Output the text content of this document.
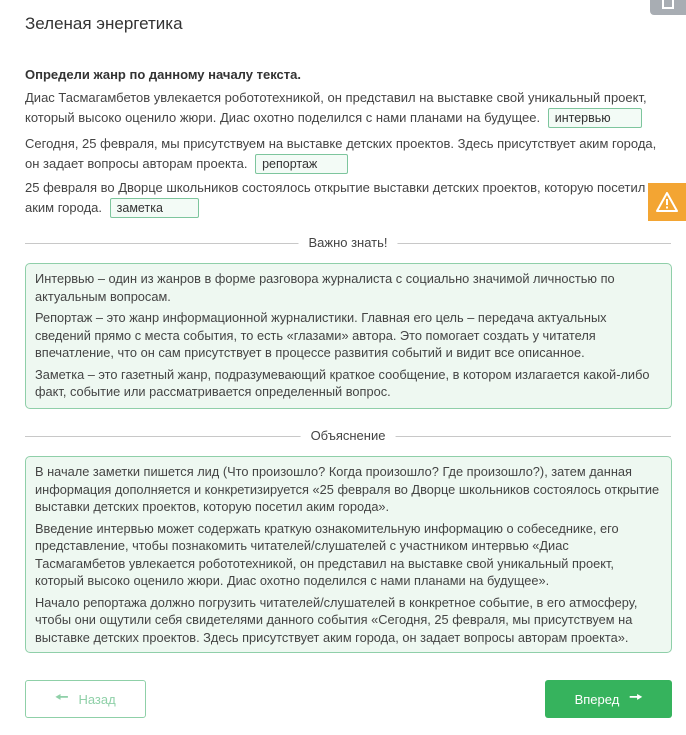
Зеленая энергетика
Определи жанр по данному началу текста.
Диас Тасмагамбетов увлекается робототехникой, он представил на выставке свой уникальный проект, который высоко оценило жюри. Диас охотно поделился с нами планами на будущее. интервью
Сегодня, 25 февраля, мы присутствуем на выставке детских проектов. Здесь присутствует аким города, он задает вопросы авторам проекта. репортаж
25 февраля во Дворце школьников состоялось открытие выставки детских проектов, которую посетил аким города. заметка
Важно знать!

Интервью – один из жанров в форме разговора журналиста с социально значимой личностью по актуальным вопросам.

Репортаж – это жанр информационной журналистики. Главная его цель – передача актуальных сведений прямо с места события, то есть «глазами» автора. Это помогает создать у читателя впечатление, что он сам присутствует в процессе развития событий и видит все описанное.

Заметка – это газетный жанр, подразумевающий краткое сообщение, в котором излагается какой-либо факт, событие или рассматривается определенный вопрос.

Объяснение

В начале заметки пишется лид (Что произошло? Когда произошло? Где произошло?), затем данная информация дополняется и конкретизируется «25 февраля во Дворце школьников состоялось открытие выставки детских проектов, которую посетил аким города».

Введение интервью может содержать краткую ознакомительную информацию о собеседнике, его представление, чтобы познакомить читателей/слушателей с участником интервью «Диас Тасмагамбетов увлекается робототехникой, он представил на выставке свой уникальный проект, который высоко оценило жюри. Диас охотно поделился с нами планами на будущее».

Начало репортажа должно погрузить читателей/слушателей в конкретное событие, в его атмосферу, чтобы они ощутили себя свидетелями данного события «Сегодня, 25 февраля, мы присутствуем на выставке детских проектов. Здесь присутствует аким города, он задает вопросы авторам проекта».

🠔 Назад	Вперед 🠖
